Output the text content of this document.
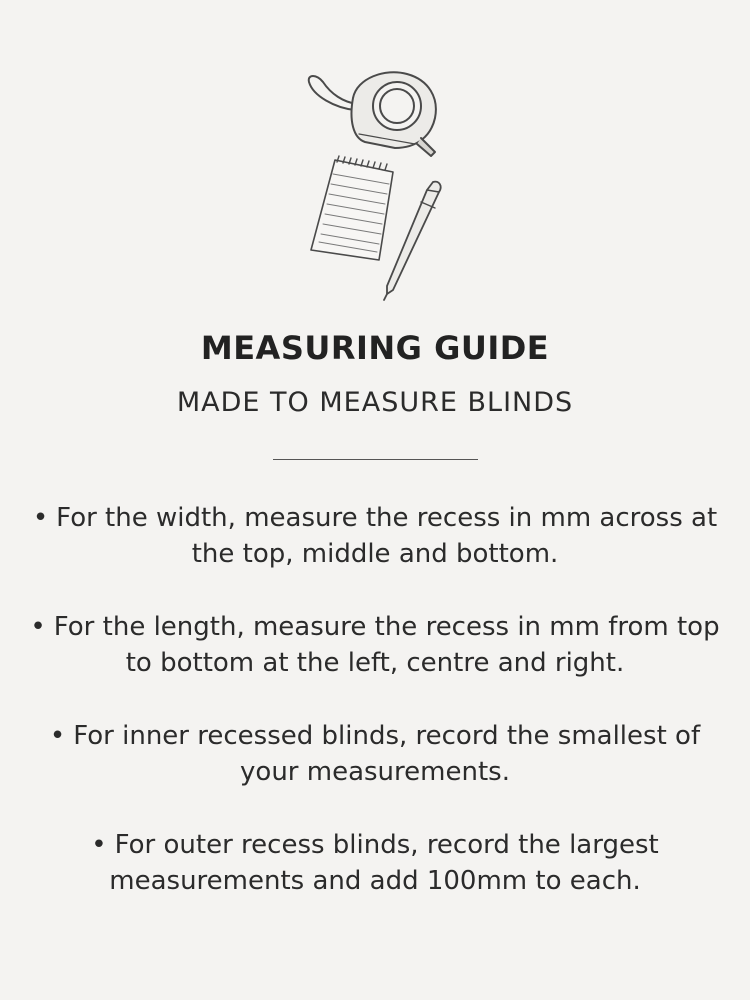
MEASURING GUIDE
MADE TO MEASURE BLINDS
• For the width, measure the recess in mm across at the top, middle and bottom.
• For the length, measure the recess in mm from top to bottom at the left, centre and right.
• For inner recessed blinds, record the smallest of your measurements.
• For outer recess blinds, record the largest measurements and add 100mm to each.
